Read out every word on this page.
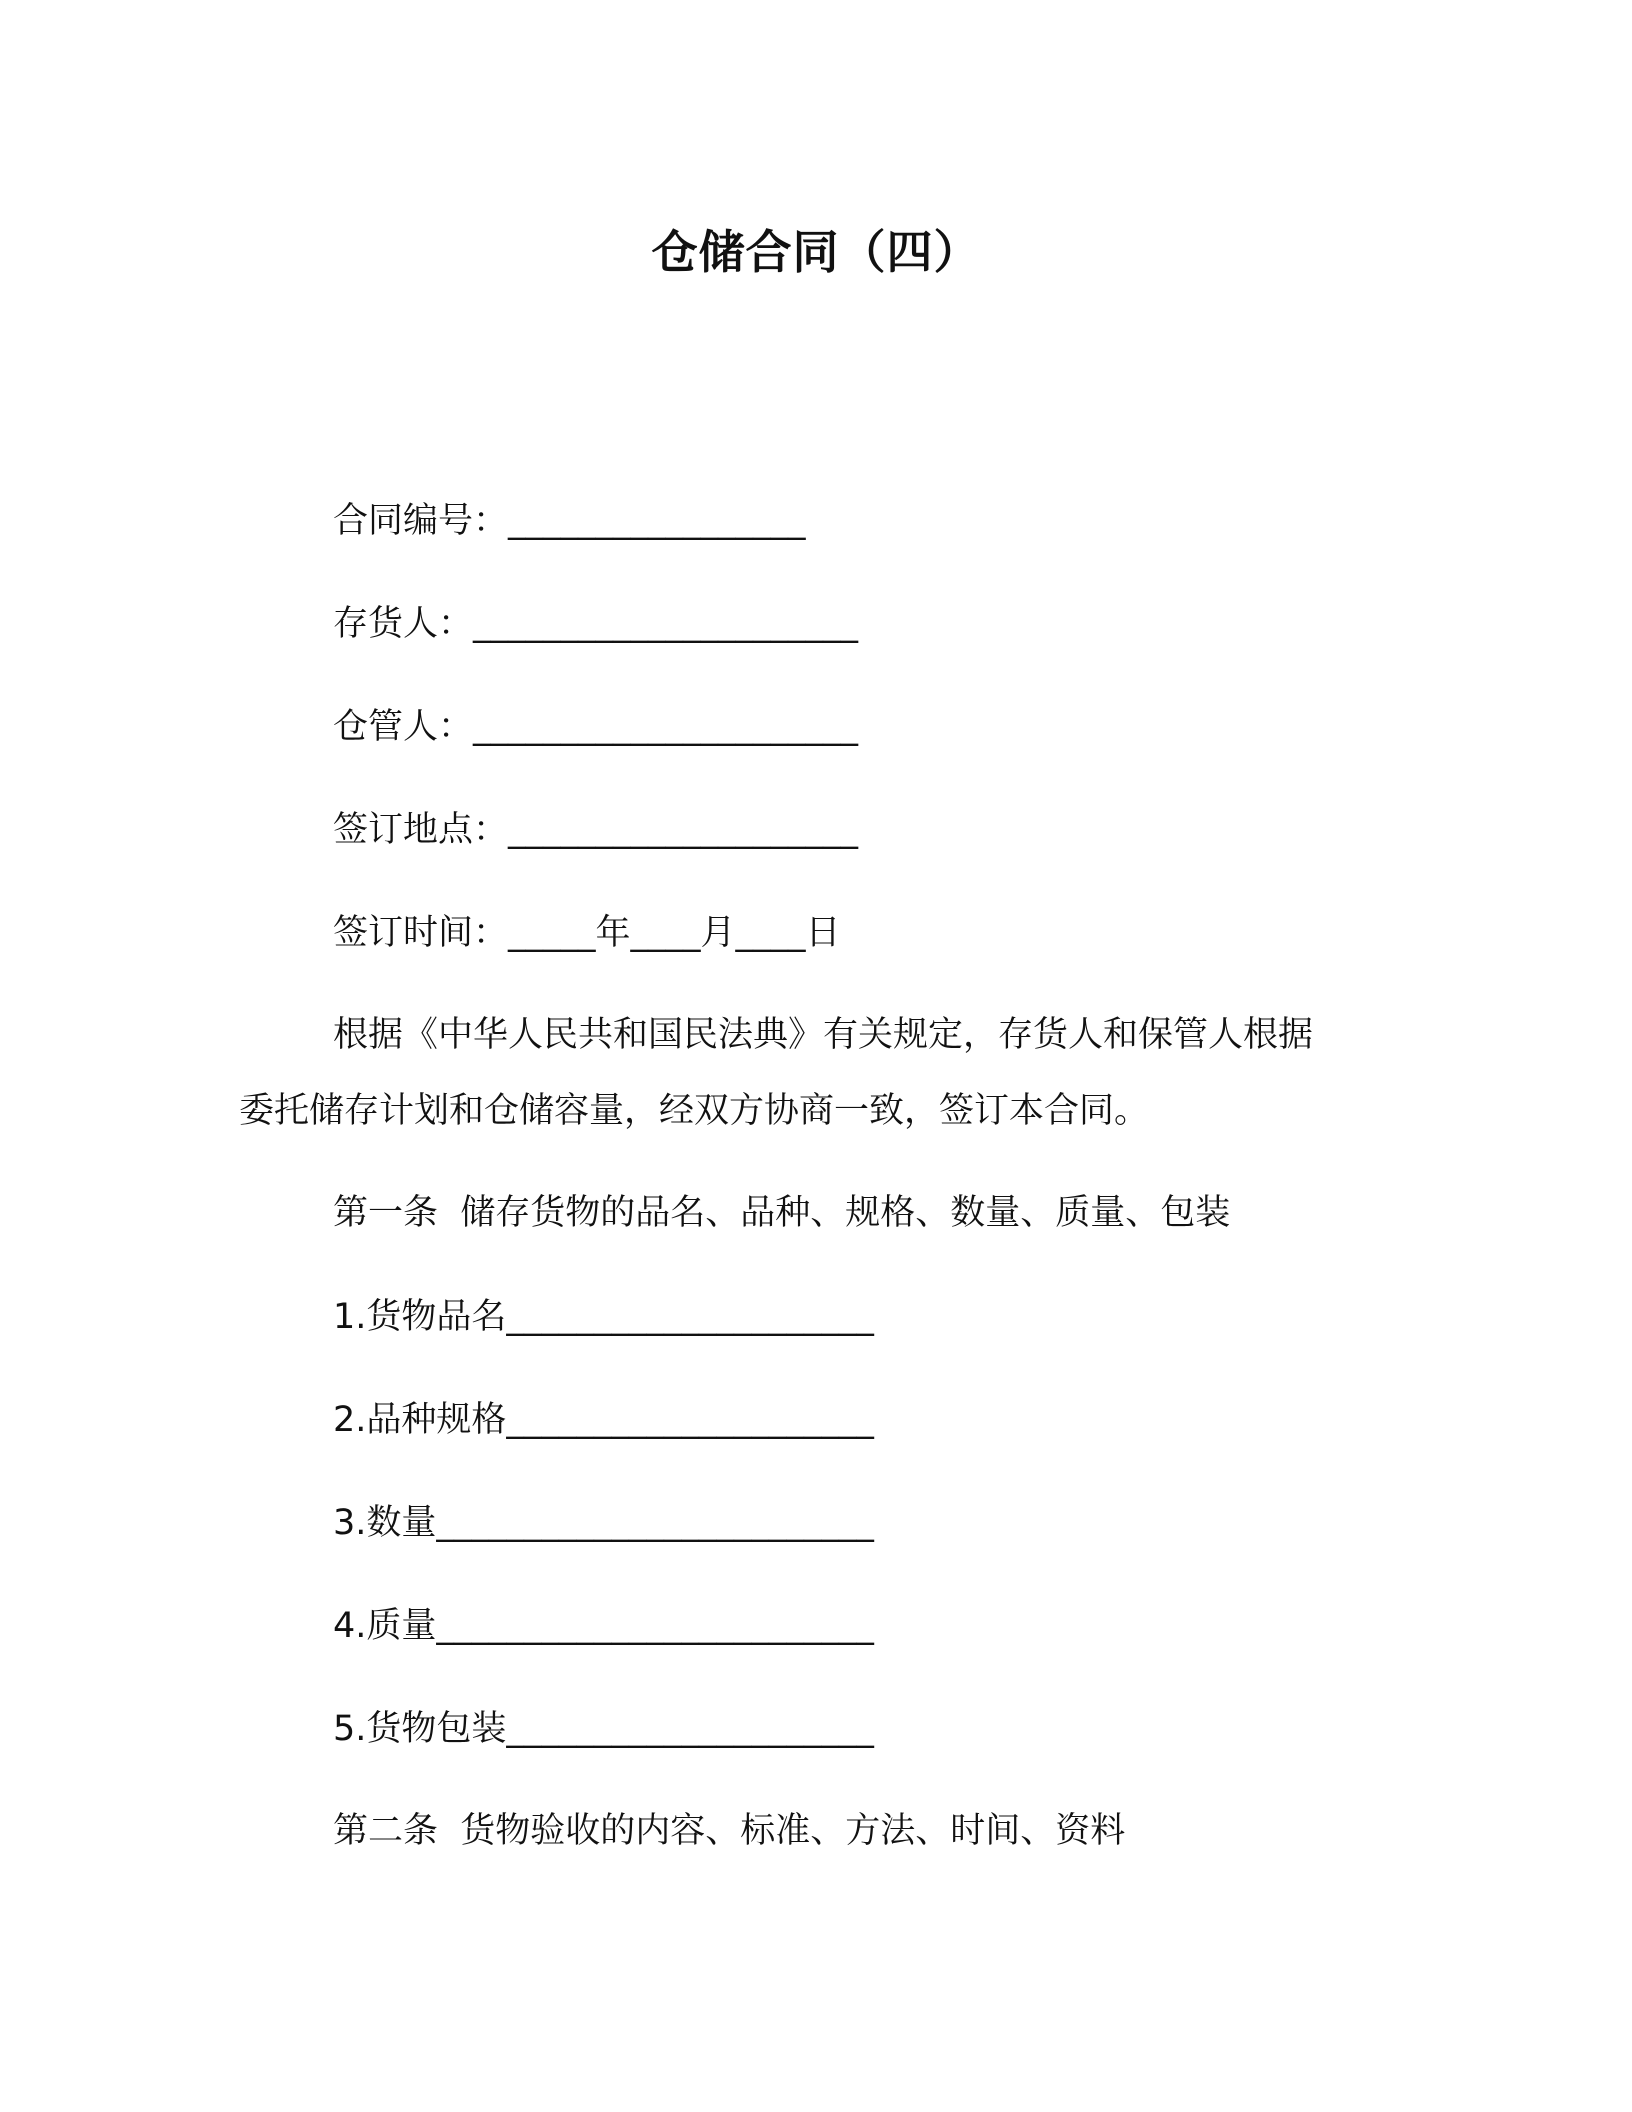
仓储合同（四）
合同编号：_________________
存货人：______________________
仓管人：______________________
签订地点：____________________
签订时间：_____年____月____日
根据《中华人民共和国民法典》有关规定，存货人和保管人根据
委托储存计划和仓储容量，经双方协商一致，签订本合同。
第一条  储存货物的品名、品种、规格、数量、质量、包装
1.货物品名_____________________
2.品种规格_____________________
3.数量_________________________
4.质量_________________________
5.货物包装_____________________
第二条  货物验收的内容、标准、方法、时间、资料
